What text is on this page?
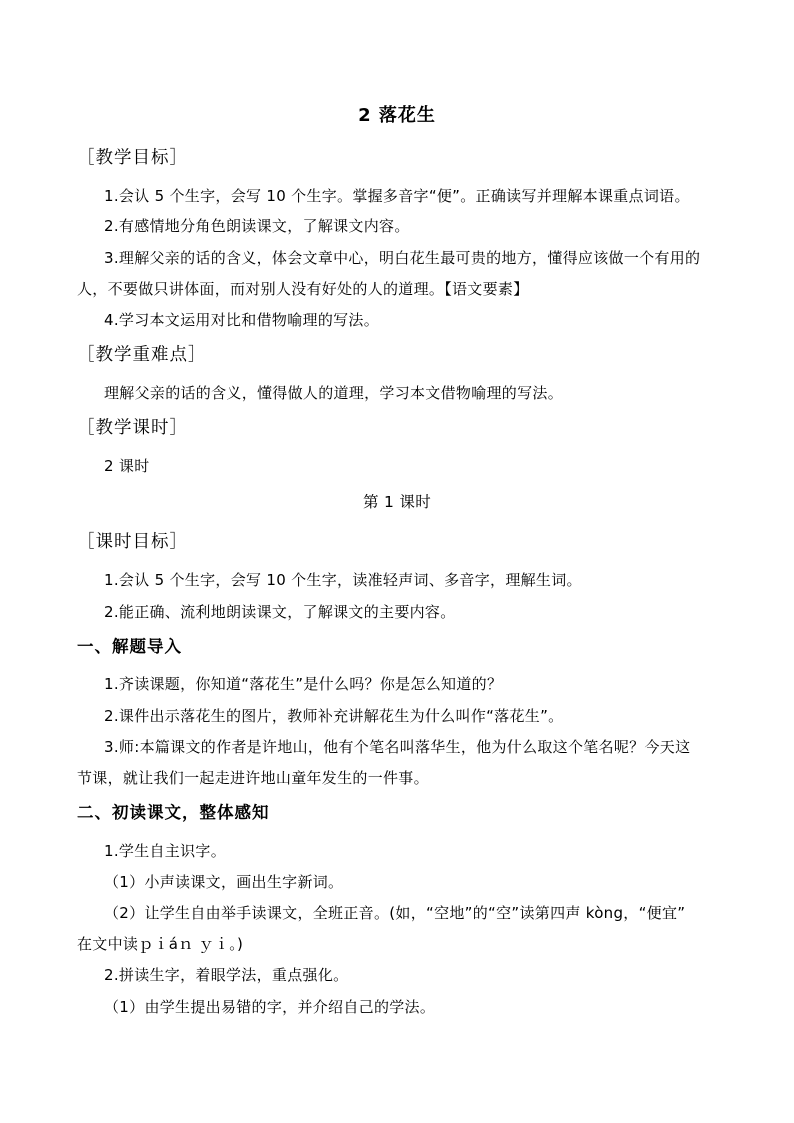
2 落花生
［教学目标］
1.会认 5 个生字，会写 10 个生字。掌握多音字“便”。正确读写并理解本课重点词语。
2.有感情地分角色朗读课文，了解课文内容。
3.理解父亲的话的含义，体会文章中心，明白花生最可贵的地方，懂得应该做一个有用的
人，不要做只讲体面，而对别人没有好处的人的道理。【语文要素】
4.学习本文运用对比和借物喻理的写法。
［教学重难点］
理解父亲的话的含义，懂得做人的道理，学习本文借物喻理的写法。
［教学课时］
2 课时
第 1 课时
［课时目标］
1.会认 5 个生字，会写 10 个生字，读准轻声词、多音字，理解生词。
2.能正确、流利地朗读课文，了解课文的主要内容。
一、解题导入
1.齐读课题，你知道“落花生”是什么吗？你是怎么知道的？
2.课件出示落花生的图片，教师补充讲解花生为什么叫作“落花生”。
3.师:本篇课文的作者是许地山，他有个笔名叫落华生，他为什么取这个笔名呢？今天这
节课，就让我们一起走进许地山童年发生的一件事。
二、初读课文，整体感知
1.学生自主识字。
（1）小声读课文，画出生字新词。
（2）让学生自由举手读课文，全班正音。(如，“空地”的“空”读第四声 kòng，“便宜”
在文中读ｐｉáｎ ｙｉ。)
2.拼读生字，着眼学法，重点强化。
（1）由学生提出易错的字，并介绍自己的学法。
